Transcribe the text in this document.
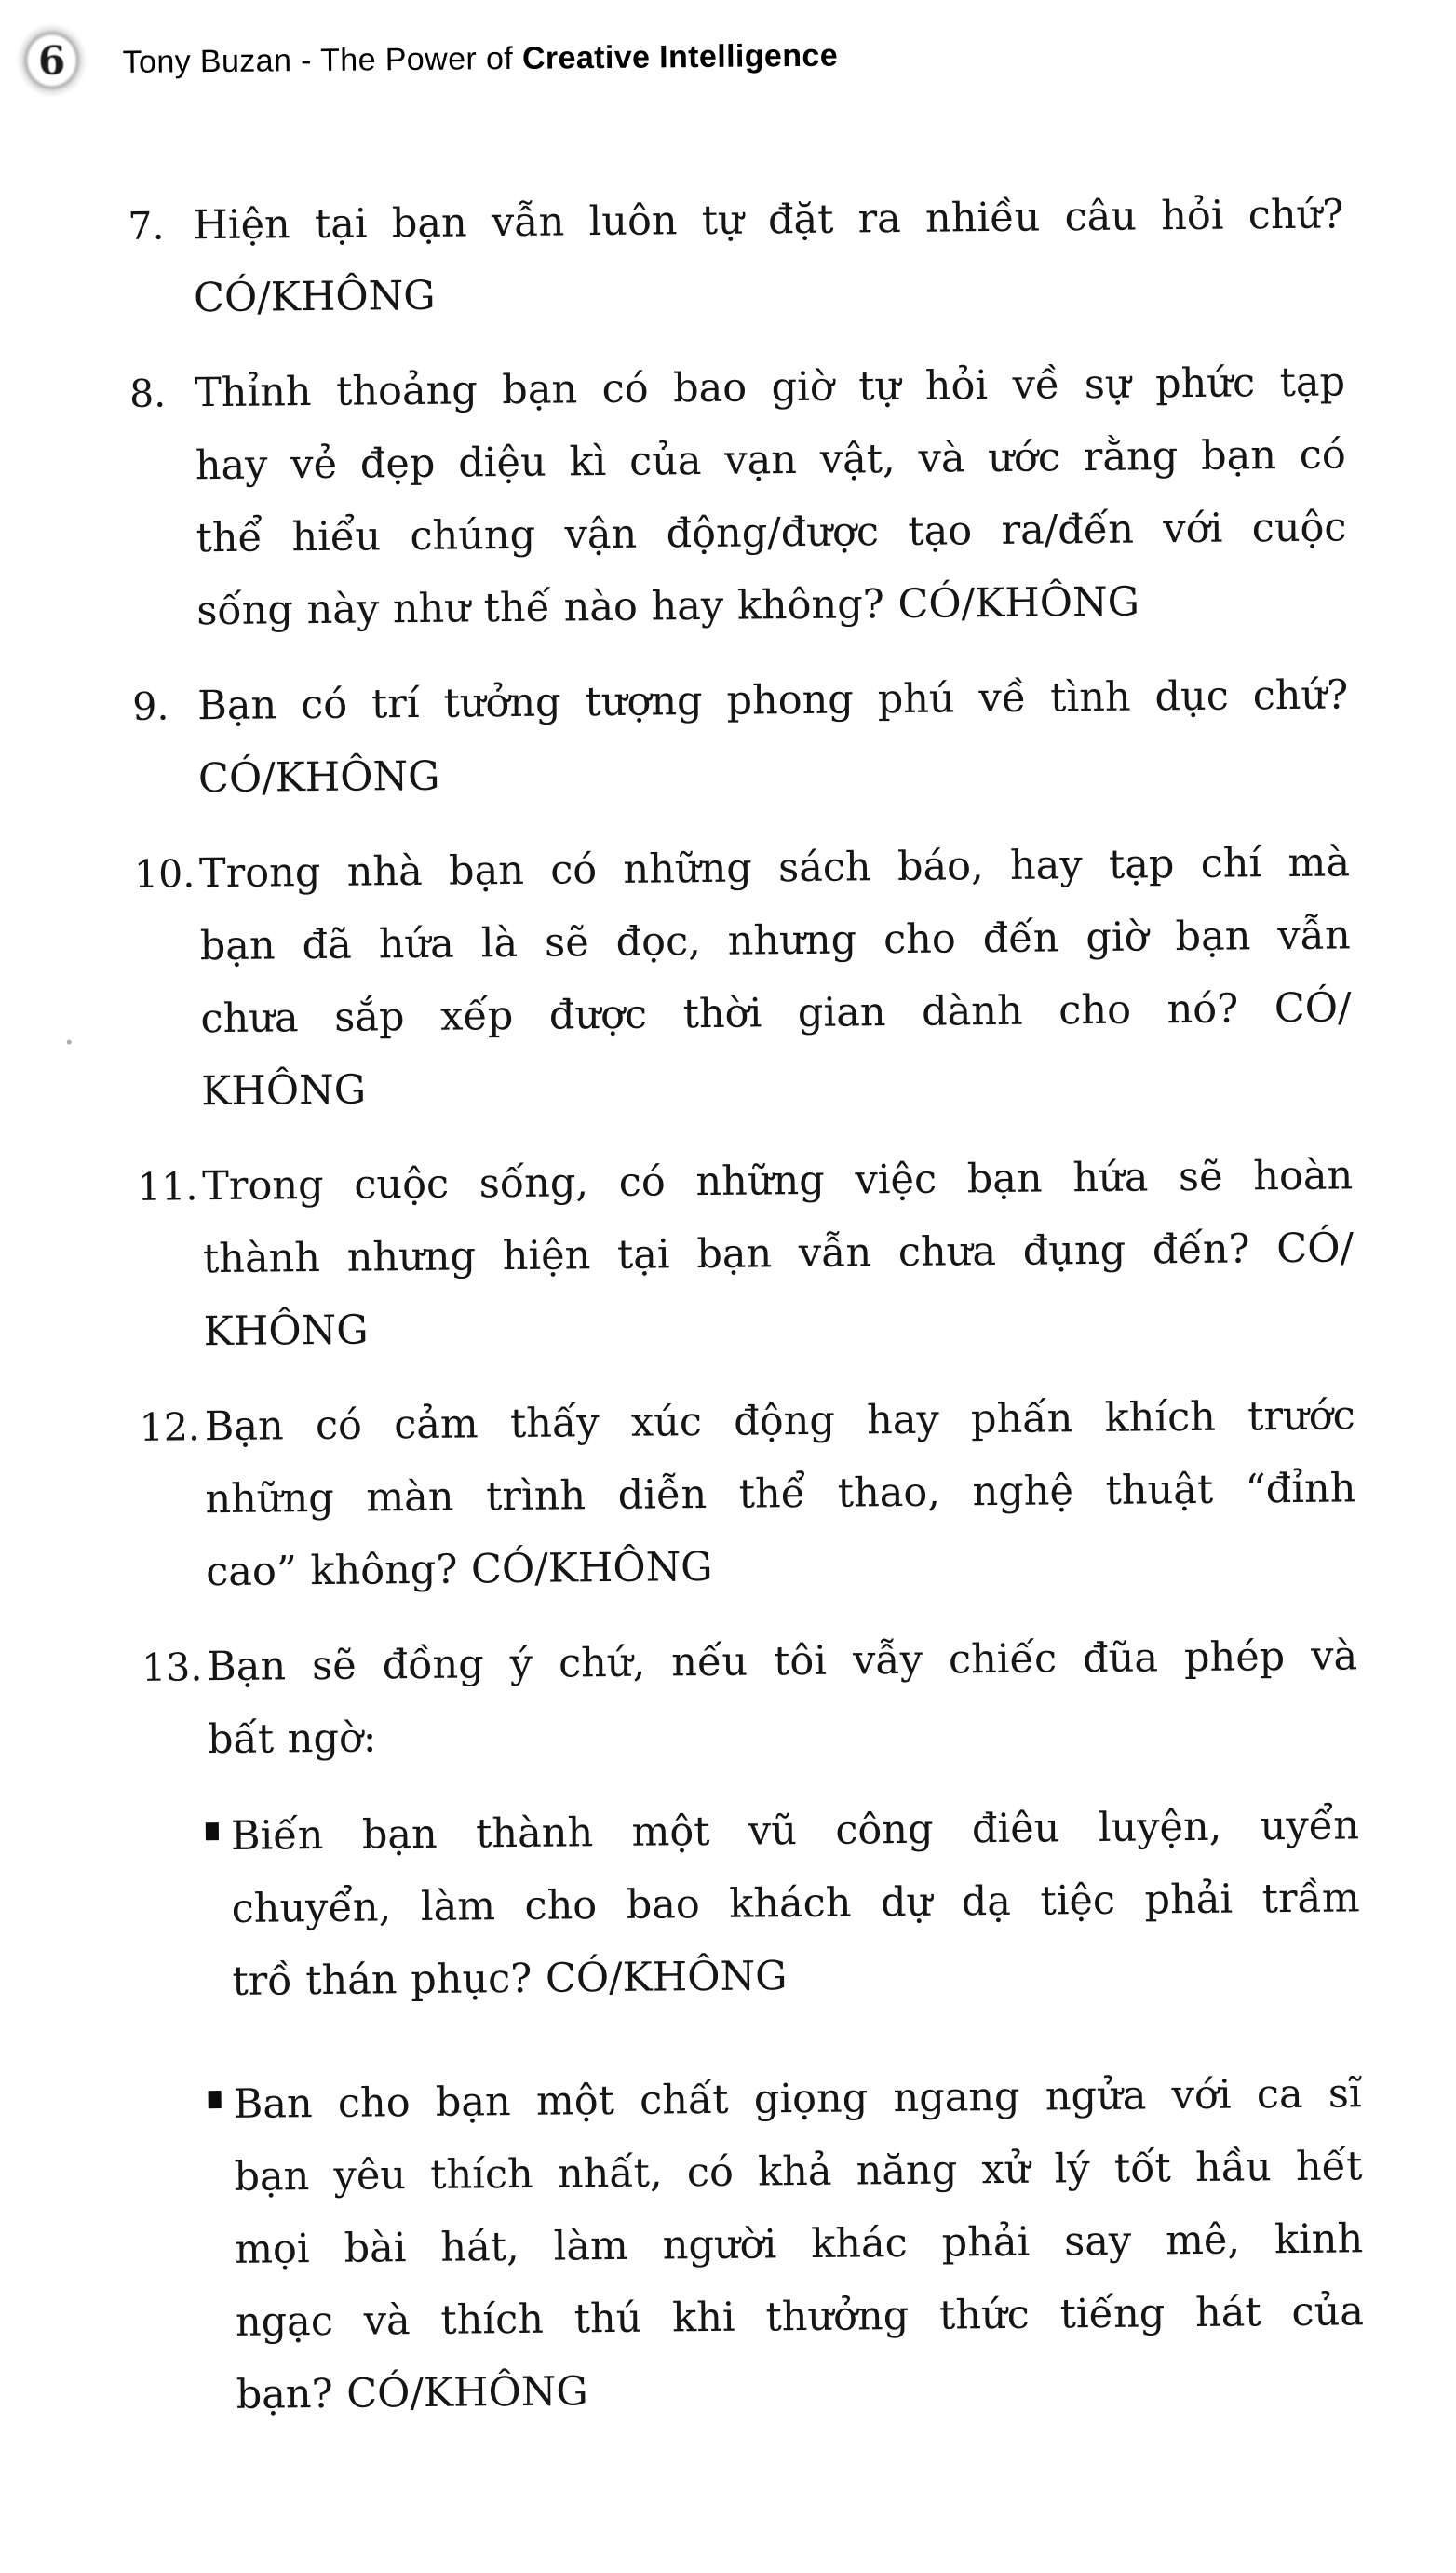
6 Tony Buzan - The Power of Creative Intelligence
7. Hiện tại bạn vẫn luôn tự đặt ra nhiều câu hỏi chứ?
CÓ/KHÔNG
8. Thỉnh thoảng bạn có bao giờ tự hỏi về sự phức tạp
hay vẻ đẹp diệu kì của vạn vật, và ước rằng bạn có
thể hiểu chúng vận động/được tạo ra/đến với cuộc
sống này như thế nào hay không? CÓ/KHÔNG
9. Bạn có trí tưởng tượng phong phú về tình dục chứ?
CÓ/KHÔNG
10. Trong nhà bạn có những sách báo, hay tạp chí mà
bạn đã hứa là sẽ đọc, nhưng cho đến giờ bạn vẫn
chưa sắp xếp được thời gian dành cho nó? CÓ/
KHÔNG
11. Trong cuộc sống, có những việc bạn hứa sẽ hoàn
thành nhưng hiện tại bạn vẫn chưa đụng đến? CÓ/
KHÔNG
12. Bạn có cảm thấy xúc động hay phấn khích trước
những màn trình diễn thể thao, nghệ thuật “đỉnh
cao” không? CÓ/KHÔNG
13. Bạn sẽ đồng ý chứ, nếu tôi vẫy chiếc đũa phép và
bất ngờ:
Biến bạn thành một vũ công điêu luyện, uyển
chuyển, làm cho bao khách dự dạ tiệc phải trầm
trồ thán phục? CÓ/KHÔNG
Ban cho bạn một chất giọng ngang ngửa với ca sĩ
bạn yêu thích nhất, có khả năng xử lý tốt hầu hết
mọi bài hát, làm người khác phải say mê, kinh
ngạc và thích thú khi thưởng thức tiếng hát của
bạn? CÓ/KHÔNG
